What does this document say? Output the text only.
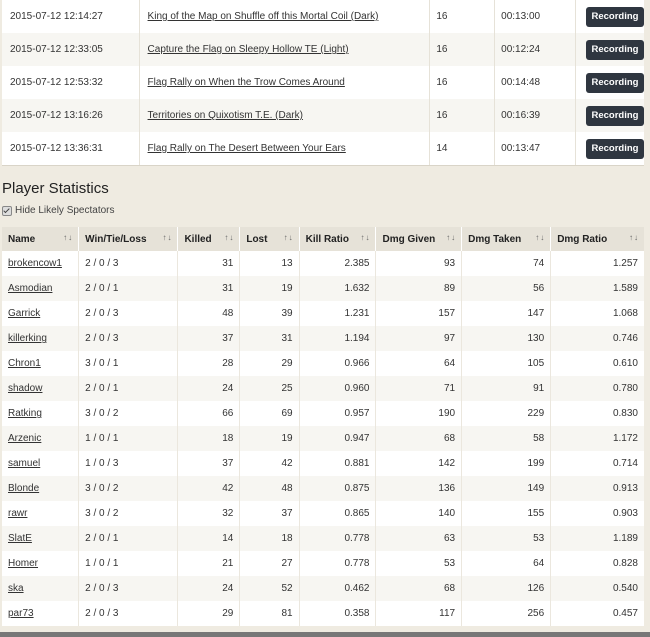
2015-07-12 12:14:27	King of the Map on Shuffle off this Mortal Coil (Dark)	16	00:13:00	Recording
2015-07-12 12:33:05	Capture the Flag on Sleepy Hollow TE (Light)	16	00:12:24	Recording
2015-07-12 12:53:32	Flag Rally on When the Trow Comes Around	16	00:14:48	Recording
2015-07-12 13:16:26	Territories on Quixotism T.E. (Dark)	16	00:16:39	Recording
2015-07-12 13:36:31	Flag Rally on The Desert Between Your Ears	14	00:13:47	Recording
Player Statistics
Hide Likely Spectators
Name ↑↓	Win/Tie/Loss ↑↓	Killed ↑↓	Lost ↑↓	Kill Ratio ↑↓	Dmg Given ↑↓	Dmg Taken ↑↓	Dmg Ratio ↑↓

brokencow1	2 / 0 / 3	31	13	2.385	93	74	1.257
Asmodian	2 / 0 / 1	31	19	1.632	89	56	1.589
Garrick	2 / 0 / 3	48	39	1.231	157	147	1.068
killerking	2 / 0 / 3	37	31	1.194	97	130	0.746
Chron1	3 / 0 / 1	28	29	0.966	64	105	0.610
shadow	2 / 0 / 1	24	25	0.960	71	91	0.780
Ratking	3 / 0 / 2	66	69	0.957	190	229	0.830
Arzenic	1 / 0 / 1	18	19	0.947	68	58	1.172
samuel	1 / 0 / 3	37	42	0.881	142	199	0.714
Blonde	3 / 0 / 2	42	48	0.875	136	149	0.913
rawr	3 / 0 / 2	32	37	0.865	140	155	0.903
SlatE	2 / 0 / 1	14	18	0.778	63	53	1.189
Homer	1 / 0 / 1	21	27	0.778	53	64	0.828
ska	2 / 0 / 3	24	52	0.462	68	126	0.540
par73	2 / 0 / 3	29	81	0.358	117	256	0.457
